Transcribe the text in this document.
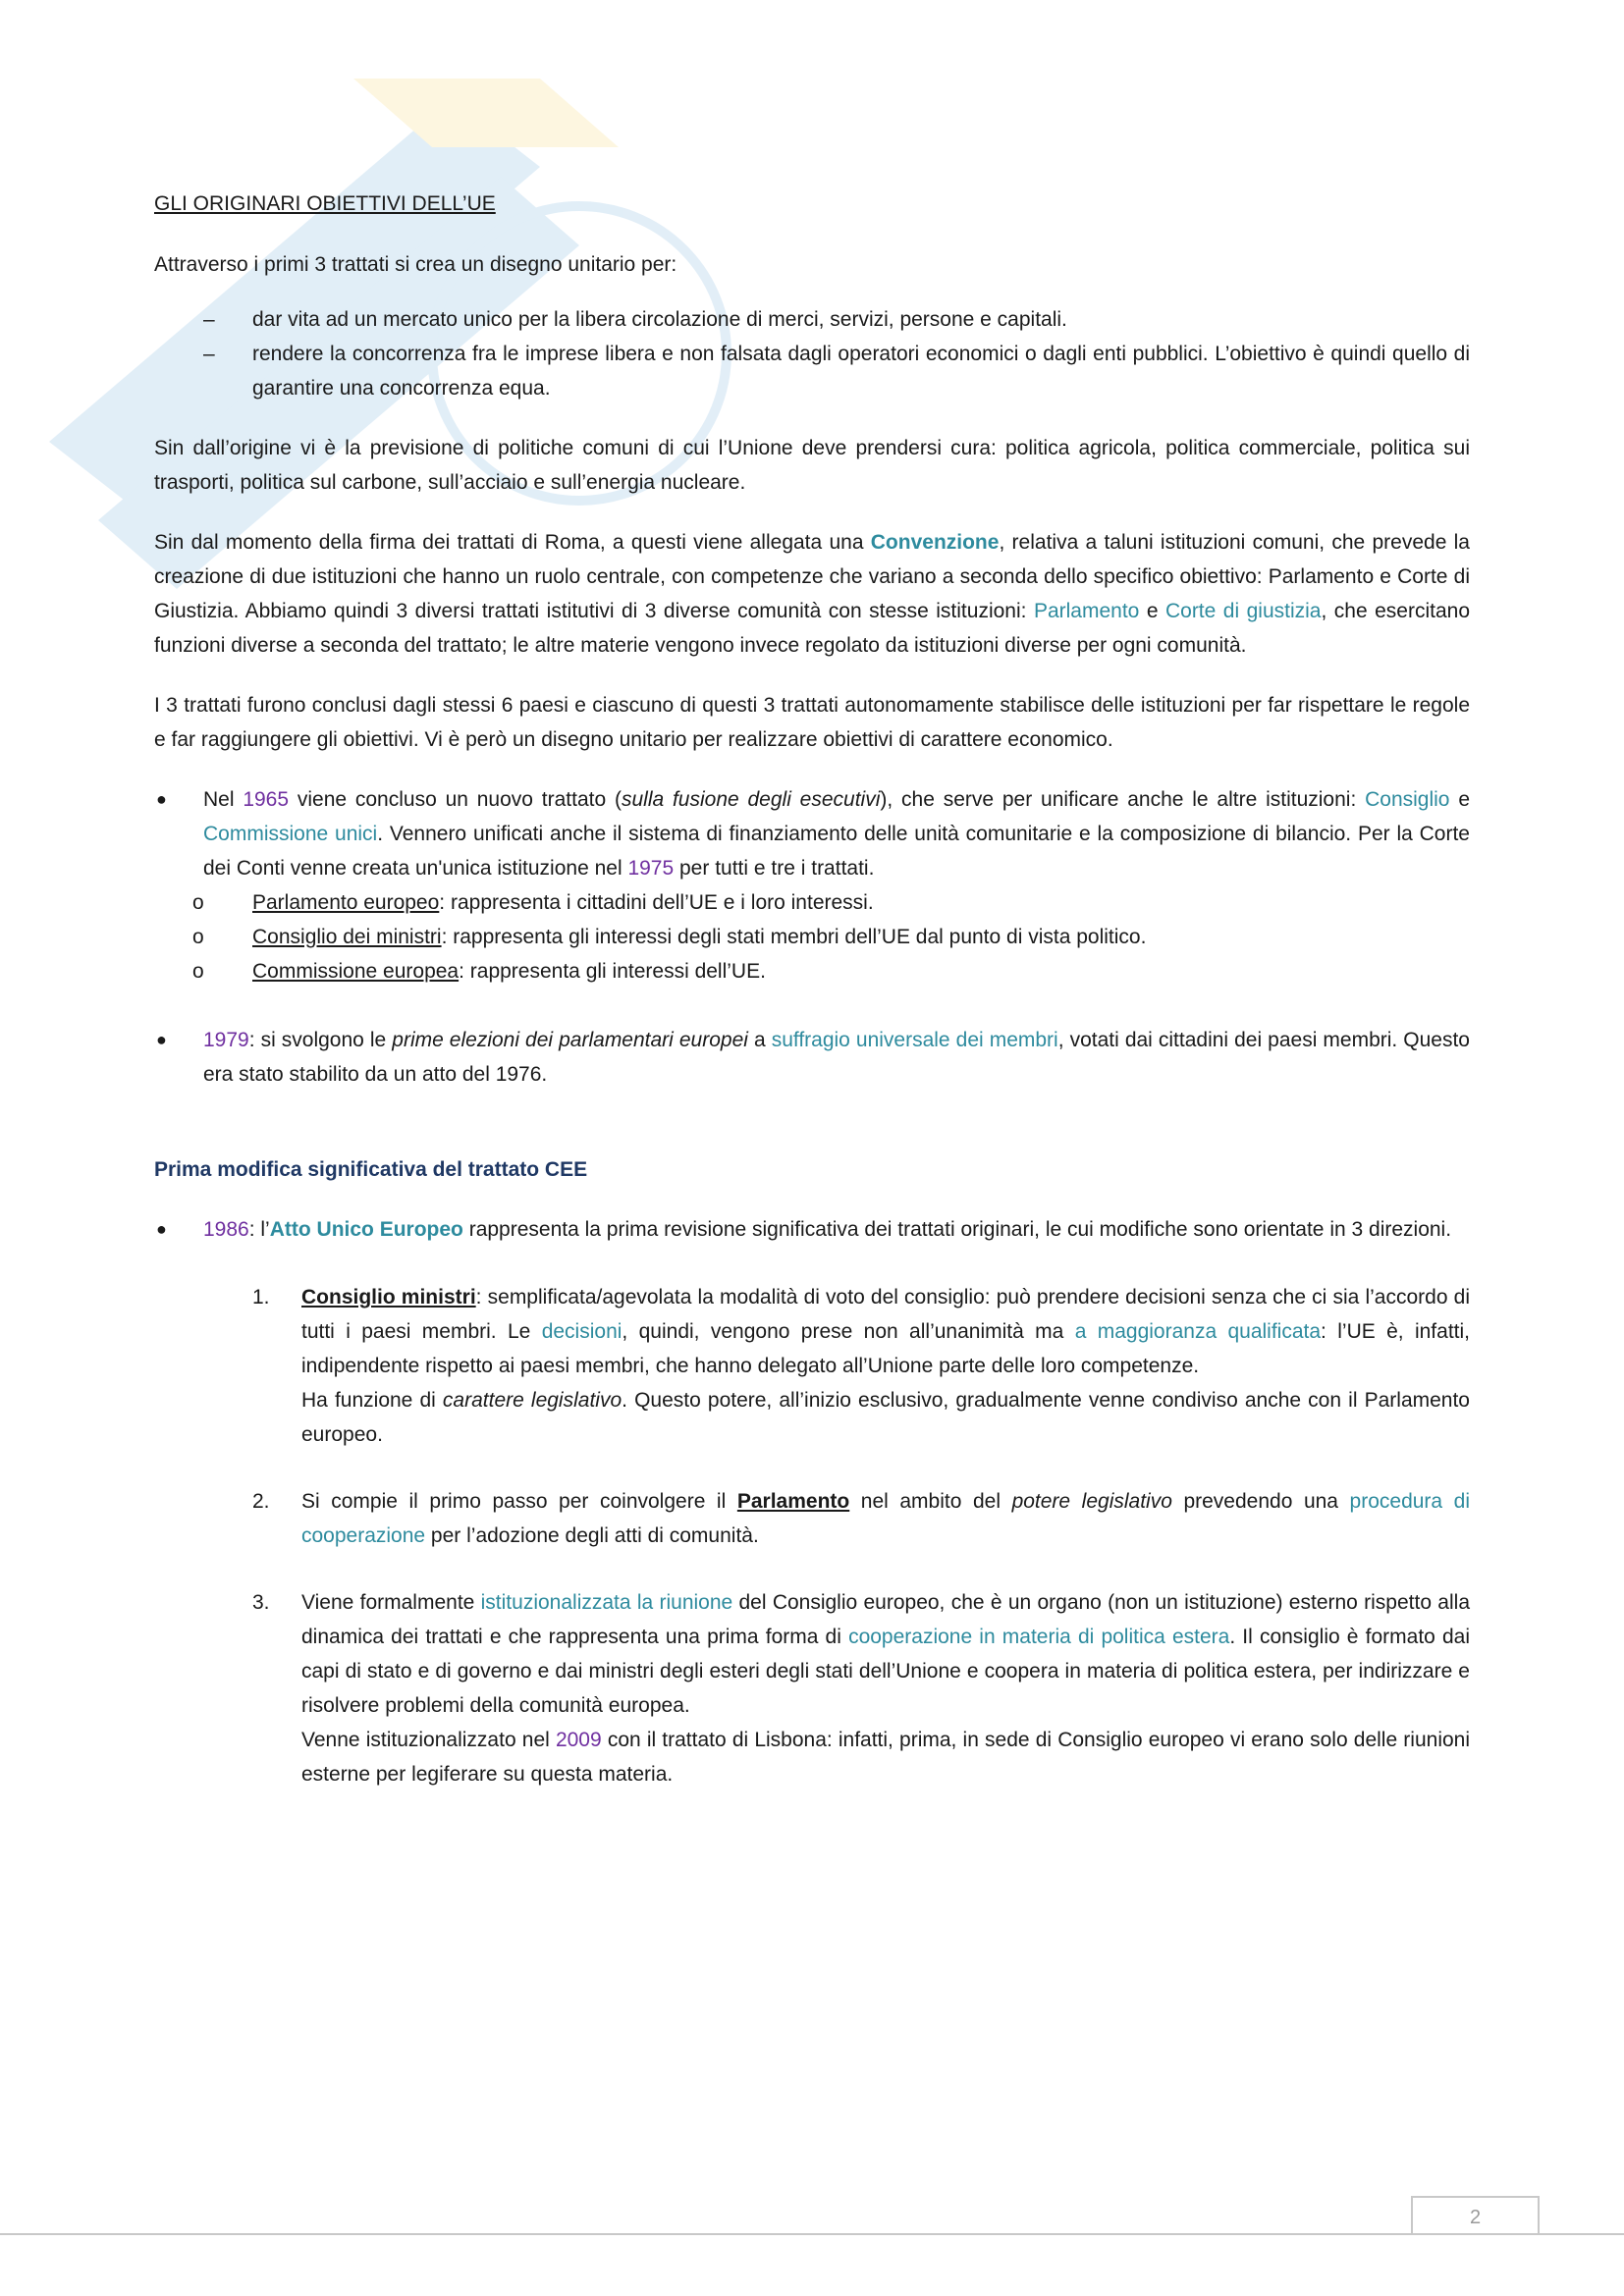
GLI ORIGINARI OBIETTIVI DELL’UE

Attraverso i primi 3 trattati si crea un disegno unitario per:

– dar vita ad un mercato unico per la libera circolazione di merci, servizi, persone e capitali.
– rendere la concorrenza fra le imprese libera e non falsata dagli operatori economici o dagli enti pubblici. L’obiettivo è quindi quello di garantire una concorrenza equa.

Sin dall’origine vi è la previsione di politiche comuni di cui l’Unione deve prendersi cura: politica agricola, politica commerciale, politica sui trasporti, politica sul carbone, sull’acciaio e sull’energia nucleare.

Sin dal momento della firma dei trattati di Roma, a questi viene allegata una Convenzione, relativa a taluni istituzioni comuni, che prevede la creazione di due istituzioni che hanno un ruolo centrale, con competenze che variano a seconda dello specifico obiettivo: Parlamento e Corte di Giustizia. Abbiamo quindi 3 diversi trattati istitutivi di 3 diverse comunità con stesse istituzioni: Parlamento e Corte di giustizia, che esercitano funzioni diverse a seconda del trattato; le altre materie vengono invece regolato da istituzioni diverse per ogni comunità.

I 3 trattati furono conclusi dagli stessi 6 paesi e ciascuno di questi 3 trattati autonomamente stabilisce delle istituzioni per far rispettare le regole e far raggiungere gli obiettivi. Vi è però un disegno unitario per realizzare obiettivi di carattere economico.

● Nel 1965 viene concluso un nuovo trattato (sulla fusione degli esecutivi), che serve per unificare anche le altre istituzioni: Consiglio e Commissione unici. Vennero unificati anche il sistema di finanziamento delle unità comunitarie e la composizione di bilancio. Per la Corte dei Conti venne creata un'unica istituzione nel 1975 per tutti e tre i trattati.
o Parlamento europeo: rappresenta i cittadini dell’UE e i loro interessi.
o Consiglio dei ministri: rappresenta gli interessi degli stati membri dell’UE dal punto di vista politico.
o Commissione europea: rappresenta gli interessi dell’UE.
● 1979: si svolgono le prime elezioni dei parlamentari europei a suffragio universale dei membri, votati dai cittadini dei paesi membri. Questo era stato stabilito da un atto del 1976.

Prima modifica significativa del trattato CEE

● 1986: l’Atto Unico Europeo rappresenta la prima revisione significativa dei trattati originari, le cui modifiche sono orientate in 3 direzioni.
1. Consiglio ministri: semplificata/agevolata la modalità di voto del consiglio: può prendere decisioni senza che ci sia l’accordo di tutti i paesi membri. Le decisioni, quindi, vengono prese non all’unanimità ma a maggioranza qualificata: l’UE è, infatti, indipendente rispetto ai paesi membri, che hanno delegato all’Unione parte delle loro competenze.
Ha funzione di carattere legislativo. Questo potere, all’inizio esclusivo, gradualmente venne condiviso anche con il Parlamento europeo.
2. Si compie il primo passo per coinvolgere il Parlamento nel ambito del potere legislativo prevedendo una procedura di cooperazione per l’adozione degli atti di comunità.
3. Viene formalmente istituzionalizzata la riunione del Consiglio europeo, che è un organo (non un istituzione) esterno rispetto alla dinamica dei trattati e che rappresenta una prima forma di cooperazione in materia di politica estera. Il consiglio è formato dai capi di stato e di governo e dai ministri degli esteri degli stati dell’Unione e coopera in materia di politica estera, per indirizzare e risolvere problemi della comunità europea.
Venne istituzionalizzato nel 2009 con il trattato di Lisbona: infatti, prima, in sede di Consiglio europeo vi erano solo delle riunioni esterne per legiferare su questa materia.
2
